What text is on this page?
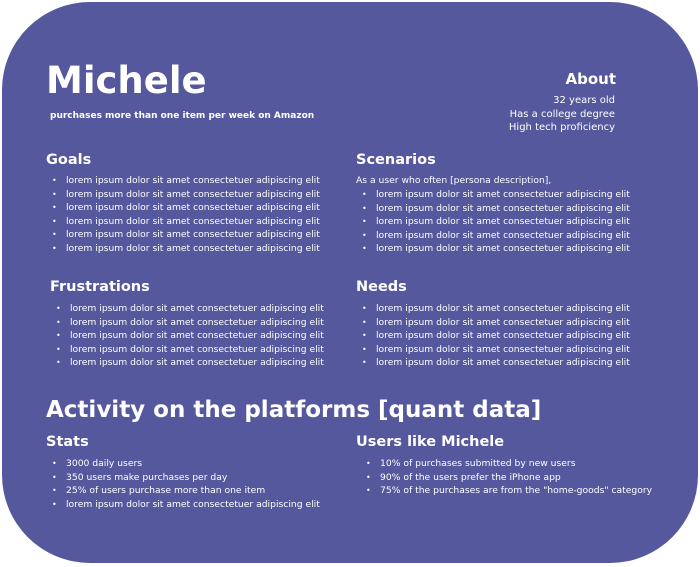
Michele
purchases more than one item per week on Amazon
About
32 years old
Has a college degree
High tech proficiency
Goals
• lorem ipsum dolor sit amet consectetuer adipiscing elit
• lorem ipsum dolor sit amet consectetuer adipiscing elit
• lorem ipsum dolor sit amet consectetuer adipiscing elit
• lorem ipsum dolor sit amet consectetuer adipiscing elit
• lorem ipsum dolor sit amet consectetuer adipiscing elit
• lorem ipsum dolor sit amet consectetuer adipiscing elit
Scenarios
As a user who often [persona description],
• lorem ipsum dolor sit amet consectetuer adipiscing elit
• lorem ipsum dolor sit amet consectetuer adipiscing elit
• lorem ipsum dolor sit amet consectetuer adipiscing elit
• lorem ipsum dolor sit amet consectetuer adipiscing elit
• lorem ipsum dolor sit amet consectetuer adipiscing elit
Frustrations
• lorem ipsum dolor sit amet consectetuer adipiscing elit
• lorem ipsum dolor sit amet consectetuer adipiscing elit
• lorem ipsum dolor sit amet consectetuer adipiscing elit
• lorem ipsum dolor sit amet consectetuer adipiscing elit
• lorem ipsum dolor sit amet consectetuer adipiscing elit
Needs
• lorem ipsum dolor sit amet consectetuer adipiscing elit
• lorem ipsum dolor sit amet consectetuer adipiscing elit
• lorem ipsum dolor sit amet consectetuer adipiscing elit
• lorem ipsum dolor sit amet consectetuer adipiscing elit
• lorem ipsum dolor sit amet consectetuer adipiscing elit
Activity on the platforms [quant data]
Stats
• 3000 daily users
• 350 users make purchases per day
• 25% of users purchase more than one item
• lorem ipsum dolor sit amet consectetuer adipiscing elit
Users like Michele
• 10% of purchases submitted by new users
• 90% of the users prefer the iPhone app
• 75% of the purchases are from the "home-goods" category
